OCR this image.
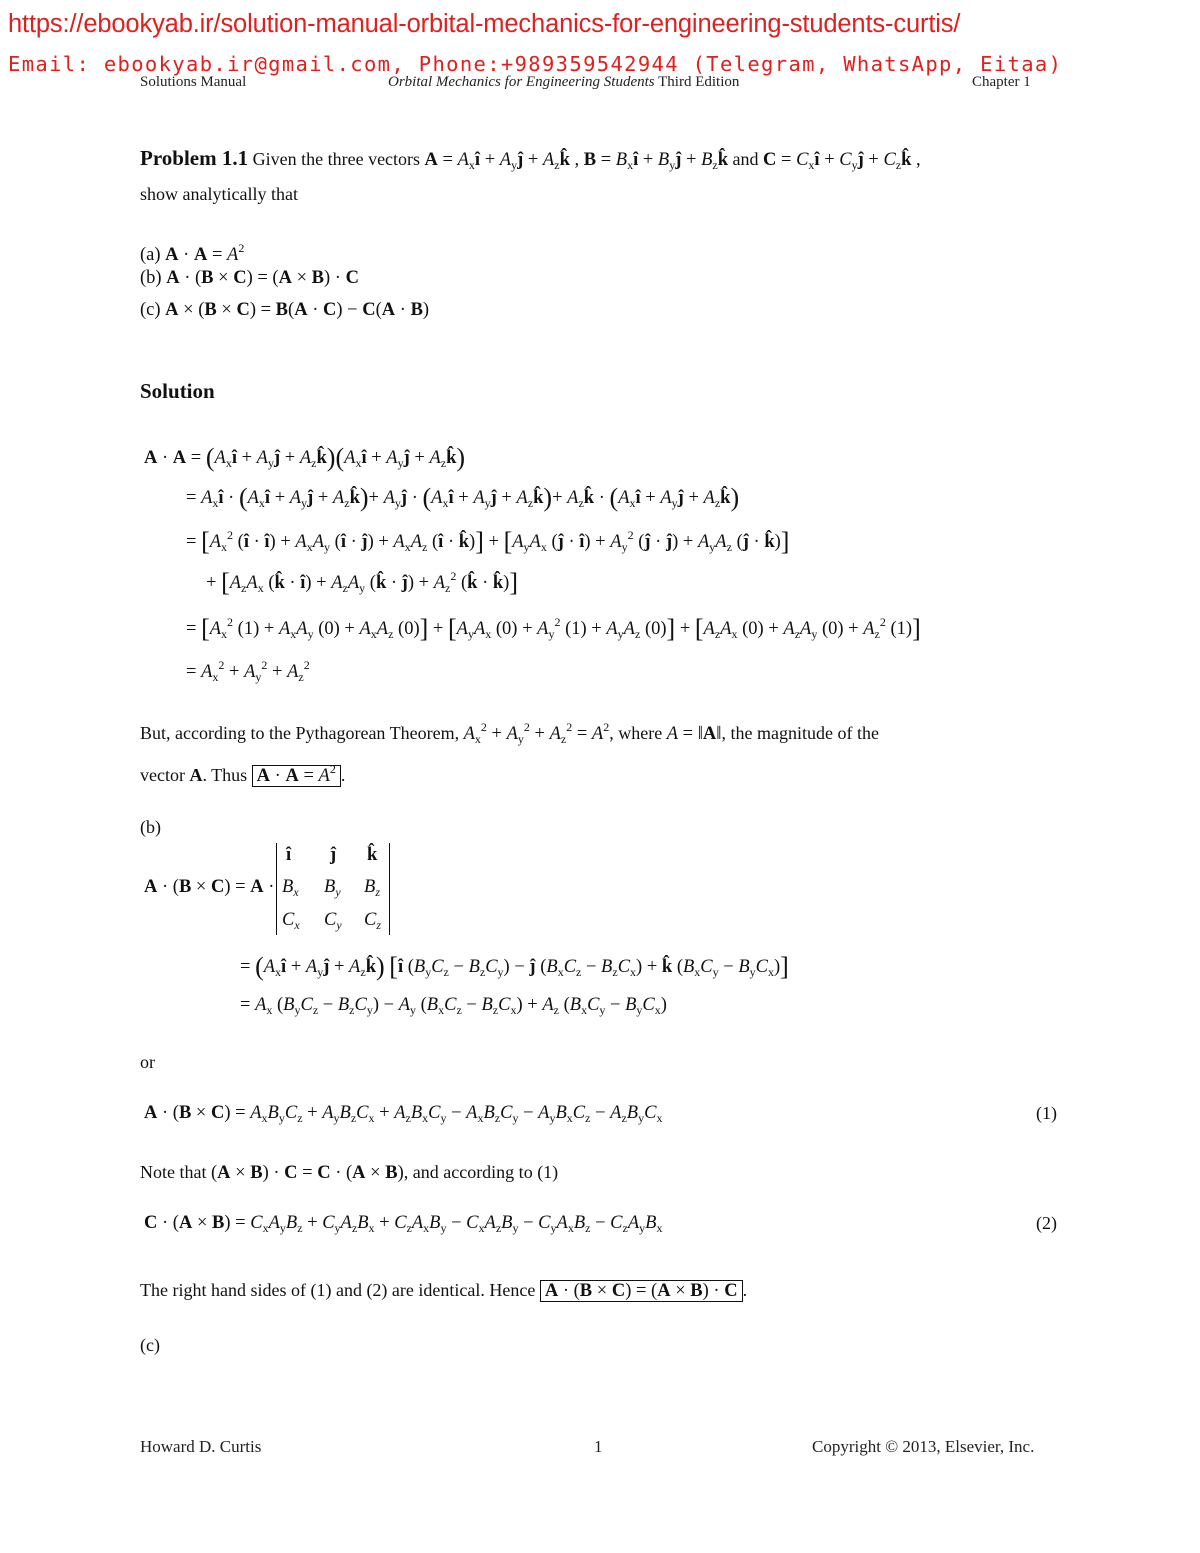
https://ebookyab.ir/solution-manual-orbital-mechanics-for-engineering-students-curtis/
Email: ebookyab.ir@gmail.com, Phone:+989359542944 (Telegram, WhatsApp, Eitaa)
Solutions Manual	Orbital Mechanics for Engineering Students Third Edition	Chapter 1
Problem 1.1 Given the three vectors $A = A_xî$ + $A_yĵ$ + $A_zk̂$ , $B = B_xî$ + $B_yĵ$ + $B_zk̂$ and $C = C_xî$ + $C_yĵ$ + $C_zk̂$ ,
show analytically that
(a) $A \cdot A = A^2$
(b) A · (B × C) = (A × B) · C
(c) A × (B × C) = B(A · C) − C(A · B)
Solution
$A \cdot A = (A_xî$ + $A_yĵ$ + $A_zk̂)(A_xî$ + $A_yĵ$ + $A_zk̂$)
= $A_xî$ · ($A_xî$ + $A_yĵ$ + $A_zk̂)+$ $A_yĵ$ · ($A_xî$ + $A_yĵ$ + $A_zk̂)+$ $A_zk̂$ · ($A_xî$ + $A_yĵ$ + $A_zk̂$)
= [$A_x^2$ (î · î) + $A_xA_y$ (î · ĵ) + $A_xA_z$ (î · k̂)] + [$A_yA_x$ (ĵ · î) + $A_y^2$ (ĵ · ĵ) + $A_yA_z$ (ĵ · k̂)]
+ [$A_zA_x$ (k̂ · î) + $A_zA_y$ (k̂ · ĵ) + $A_z^2$ (k̂ · k̂)]
= [$A_x^2$ $(1) + A_xA_y$ $(0) + A_xA_z$ $(0)] + [A_yA_x$ $(0) + A_y^2$ $(1) + A_yA_z$ $(0)] + [A_zA_x$ $(0) + A_zA_y$ $(0) + A_z^2$ (1)]
= $A_x^2 + A_y^2 + A_z^2$
But, according to the Pythagorean Theorem, $A_x^2 + A_y^2 + A_z^2 = A^2$, where A = ‖A‖, the magnitude of the
vector A. Thus $A \cdot A = A^2$ .
(b)
A · (B × C) = A ·
î ĵ k̂
$B_x$ $B_y$ $B_z$
$C_x$ $C_y$ $C_z$
= ($A_xî$ + $A_yĵ$ + $A_zk̂$) [î $(B_yC_z - B_zC_y)$ − ĵ $(B_xC_z - B_zC_x)$ + k̂ $(B_xC_y - B_yC_x)$]
= $A_x$ $(B_yC_z - B_zC_y) - A_y$ $(B_xC_z - B_zC_x) + A_z$ $(B_xC_y - B_yC_x)$
or
$A \cdot (B \times C) = A_xB_yC_z + A_yB_zC_x + A_zB_xC_y - A_xB_zC_y - A_yB_xC_z - A_zB_yC_x$	(1)
Note that (A × B) · C = C · (A × B), and according to (1)
$C \cdot (A \times B) = C_xA_yB_z + C_yA_zB_x + C_zA_xB_y - C_xA_zB_y - C_yA_xB_z - C_zA_yB_x$	(2)
The right hand sides of (1) and (2) are identical. Hence A · (B × C) = (A × B) · C .
(c)
Howard D. Curtis	1	Copyright © 2013, Elsevier, Inc.
